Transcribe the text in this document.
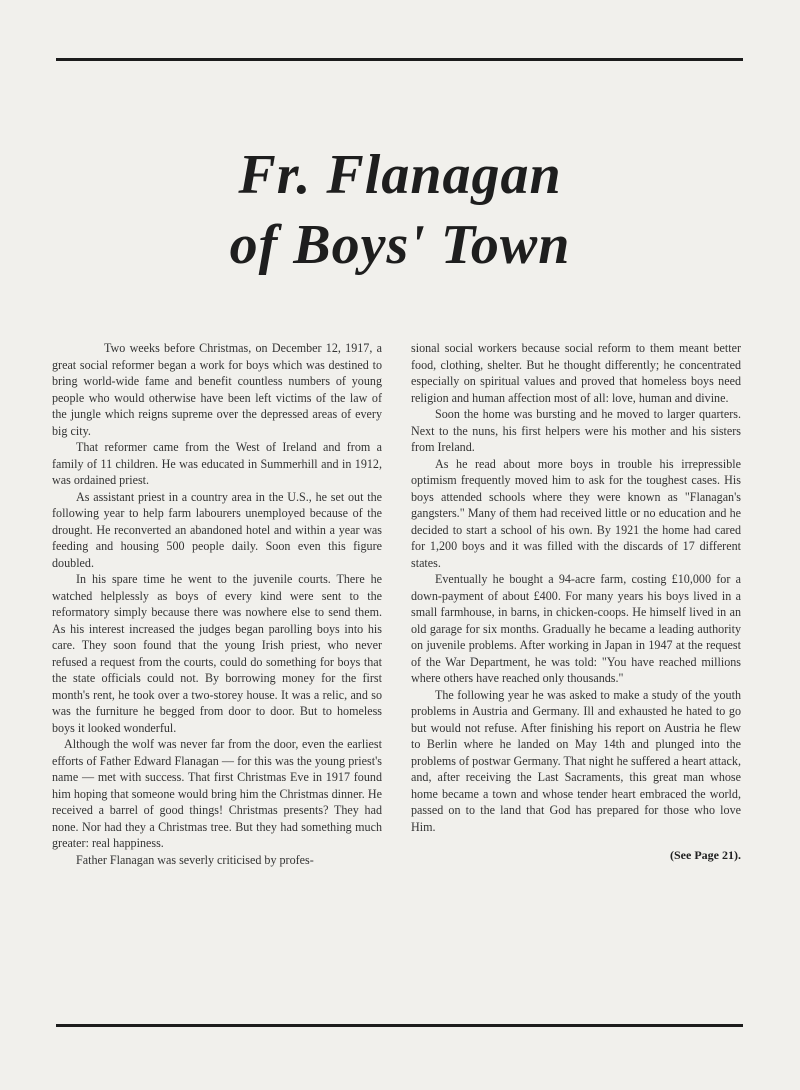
Fr. Flanagan
of Boys' Town

Two weeks before Christmas, on December 12, 1917, a great social reformer began a work for boys which was destined to bring world-wide fame and benefit countless numbers of young people who would otherwise have been left victims of the law of the jungle which reigns supreme over the depressed areas of every big city.

That reformer came from the West of Ireland and from a family of 11 children. He was educated in Summerhill and in 1912, was ordained priest.

As assistant priest in a country area in the U.S., he set out the following year to help farm labourers unemployed because of the drought. He reconverted an abandoned hotel and within a year was feeding and housing 500 people daily. Soon even this figure doubled.

In his spare time he went to the juvenile courts. There he watched helplessly as boys of every kind were sent to the reformatory simply because there was nowhere else to send them. As his interest increased the judges began parolling boys into his care. They soon found that the young Irish priest, who never refused a request from the courts, could do something for boys that the state officials could not. By borrowing money for the first month's rent, he took over a two-storey house. It was a relic, and so was the furniture he begged from door to door. But to homeless boys it looked wonderful.

Although the wolf was never far from the door, even the earliest efforts of Father Edward Flanagan — for this was the young priest's name — met with success. That first Christmas Eve in 1917 found him hoping that someone would bring him the Christmas dinner. He received a barrel of good things! Christmas presents? They had none. Nor had they a Christmas tree. But they had something much greater: real happiness.

Father Flanagan was severly criticised by profes-

sional social workers because social reform to them meant better food, clothing, shelter. But he thought differently; he concentrated especially on spiritual values and proved that homeless boys need religion and human affection most of all: love, human and divine.

Soon the home was bursting and he moved to larger quarters. Next to the nuns, his first helpers were his mother and his sisters from Ireland.

As he read about more boys in trouble his irrepressible optimism frequently moved him to ask for the toughest cases. His boys attended schools where they were known as "Flanagan's gangsters." Many of them had received little or no education and he decided to start a school of his own. By 1921 the home had cared for 1,200 boys and it was filled with the discards of 17 different states.

Eventually he bought a 94-acre farm, costing £10,000 for a down-payment of about £400. For many years his boys lived in a small farmhouse, in barns, in chicken-coops. He himself lived in an old garage for six months. Gradually he became a leading authority on juvenile problems. After working in Japan in 1947 at the request of the War Department, he was told: "You have reached millions where others have reached only thousands."

The following year he was asked to make a study of the youth problems in Austria and Germany. Ill and exhausted he hated to go but would not refuse. After finishing his report on Austria he flew to Berlin where he landed on May 14th and plunged into the problems of postwar Germany. That night he suffered a heart attack, and, after receiving the Last Sacraments, this great man whose home became a town and whose tender heart embraced the world, passed on to the land that God has prepared for those who love Him.

(See Page 21).
